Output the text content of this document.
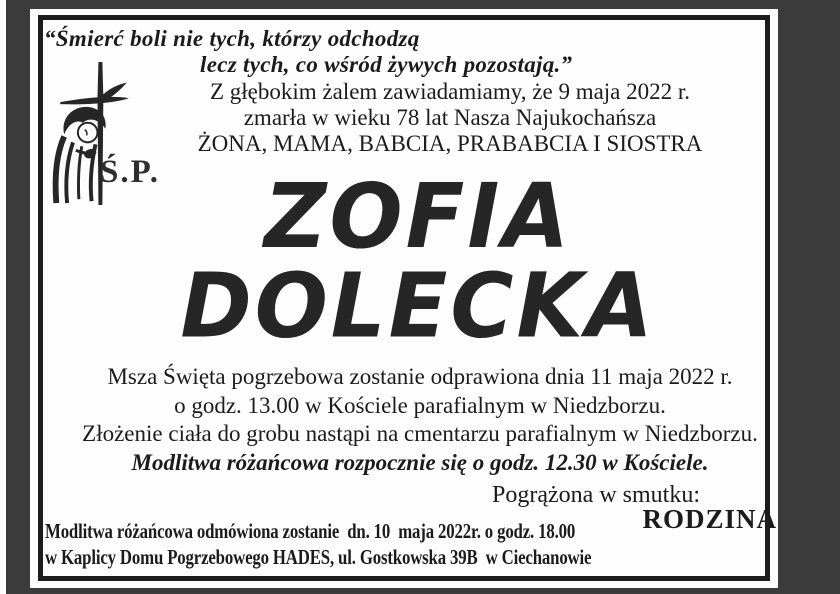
“Śmierć boli nie tych, którzy odchodzą
lecz tych, co wśród żywych pozostają.”
Ś.P.
Z głębokim żalem zawiadamiamy, że 9 maja 2022 r.
zmarła w wieku 78 lat Nasza Najukochańsza
ŻONA, MAMA, BABCIA, PRABABCIA I SIOSTRA
ZOFIA
DOLECKA
Msza Święta pogrzebowa zostanie odprawiona dnia 11 maja 2022 r.
o godz. 13.00 w Kościele parafialnym w Niedzborzu.
Złożenie ciała do grobu nastąpi na cmentarzu parafialnym w Niedzborzu.
Modlitwa różańcowa rozpocznie się o godz. 12.30 w Kościele.
Pogrążona w smutku:
RODZINA
Modlitwa różańcowa odmówiona zostanie  dn. 10  maja 2022r. o godz. 18.00
w Kaplicy Domu Pogrzebowego HADES, ul. Gostkowska 39B  w Ciechanowie
